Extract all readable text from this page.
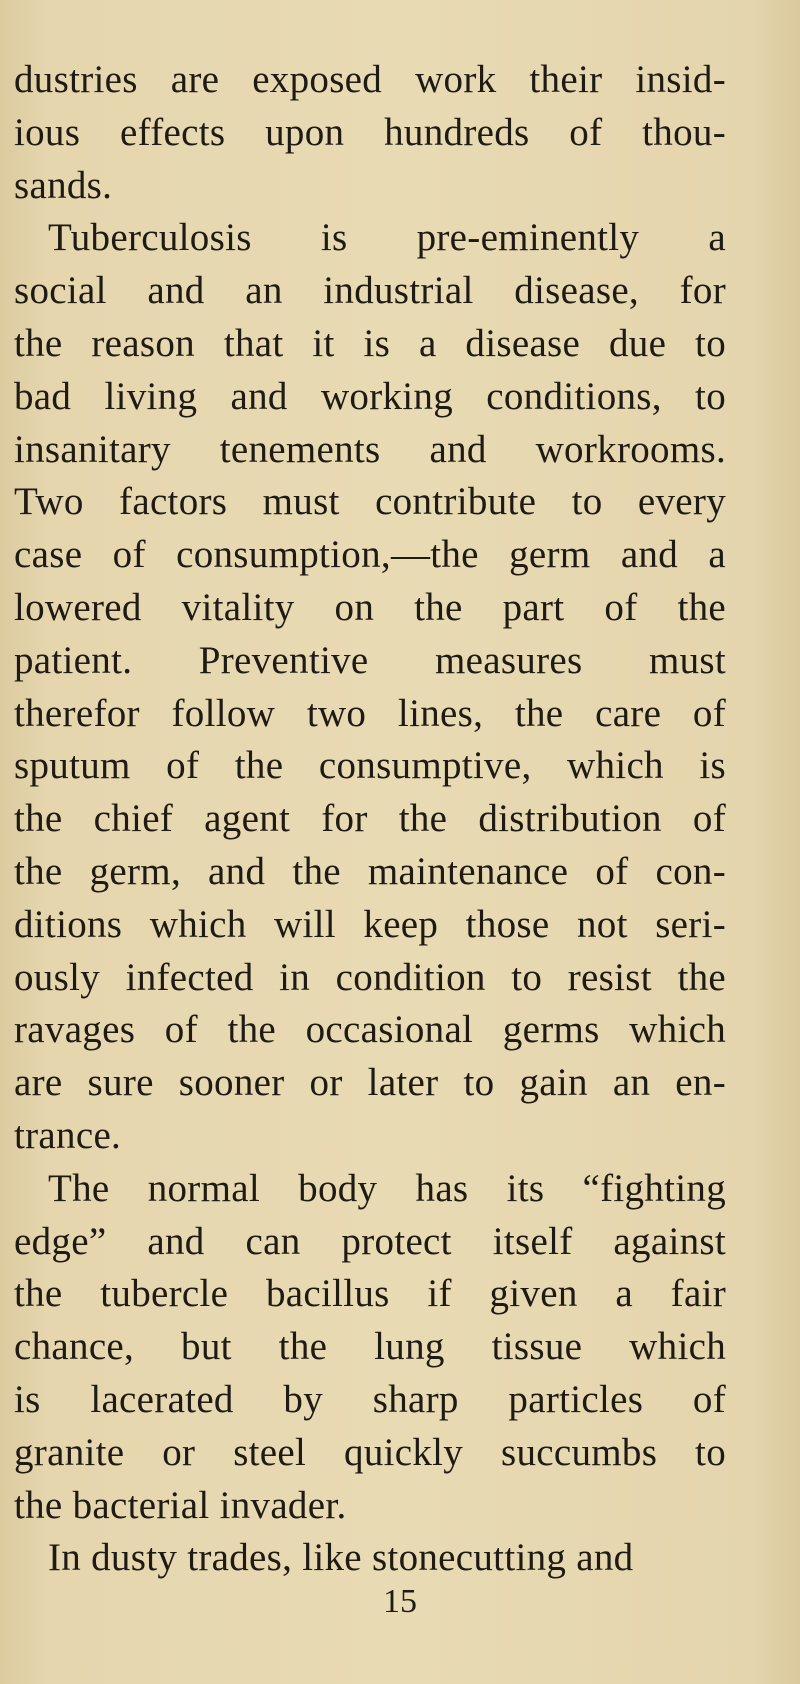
dustries are exposed work their insid-
ious effects upon hundreds of thou-
sands.
Tuberculosis is pre-eminently a
social and an industrial disease, for
the reason that it is a disease due to
bad living and working conditions, to
insanitary tenements and workrooms.
Two factors must contribute to every
case of consumption,—the germ and a
lowered vitality on the part of the
patient. Preventive measures must
therefor follow two lines, the care of
sputum of the consumptive, which is
the chief agent for the distribution of
the germ, and the maintenance of con-
ditions which will keep those not seri-
ously infected in condition to resist the
ravages of the occasional germs which
are sure sooner or later to gain an en-
trance.
The normal body has its “fighting
edge” and can protect itself against
the tubercle bacillus if given a fair
chance, but the lung tissue which
is lacerated by sharp particles of
granite or steel quickly succumbs to
the bacterial invader.
In dusty trades, like stonecutting and
15
